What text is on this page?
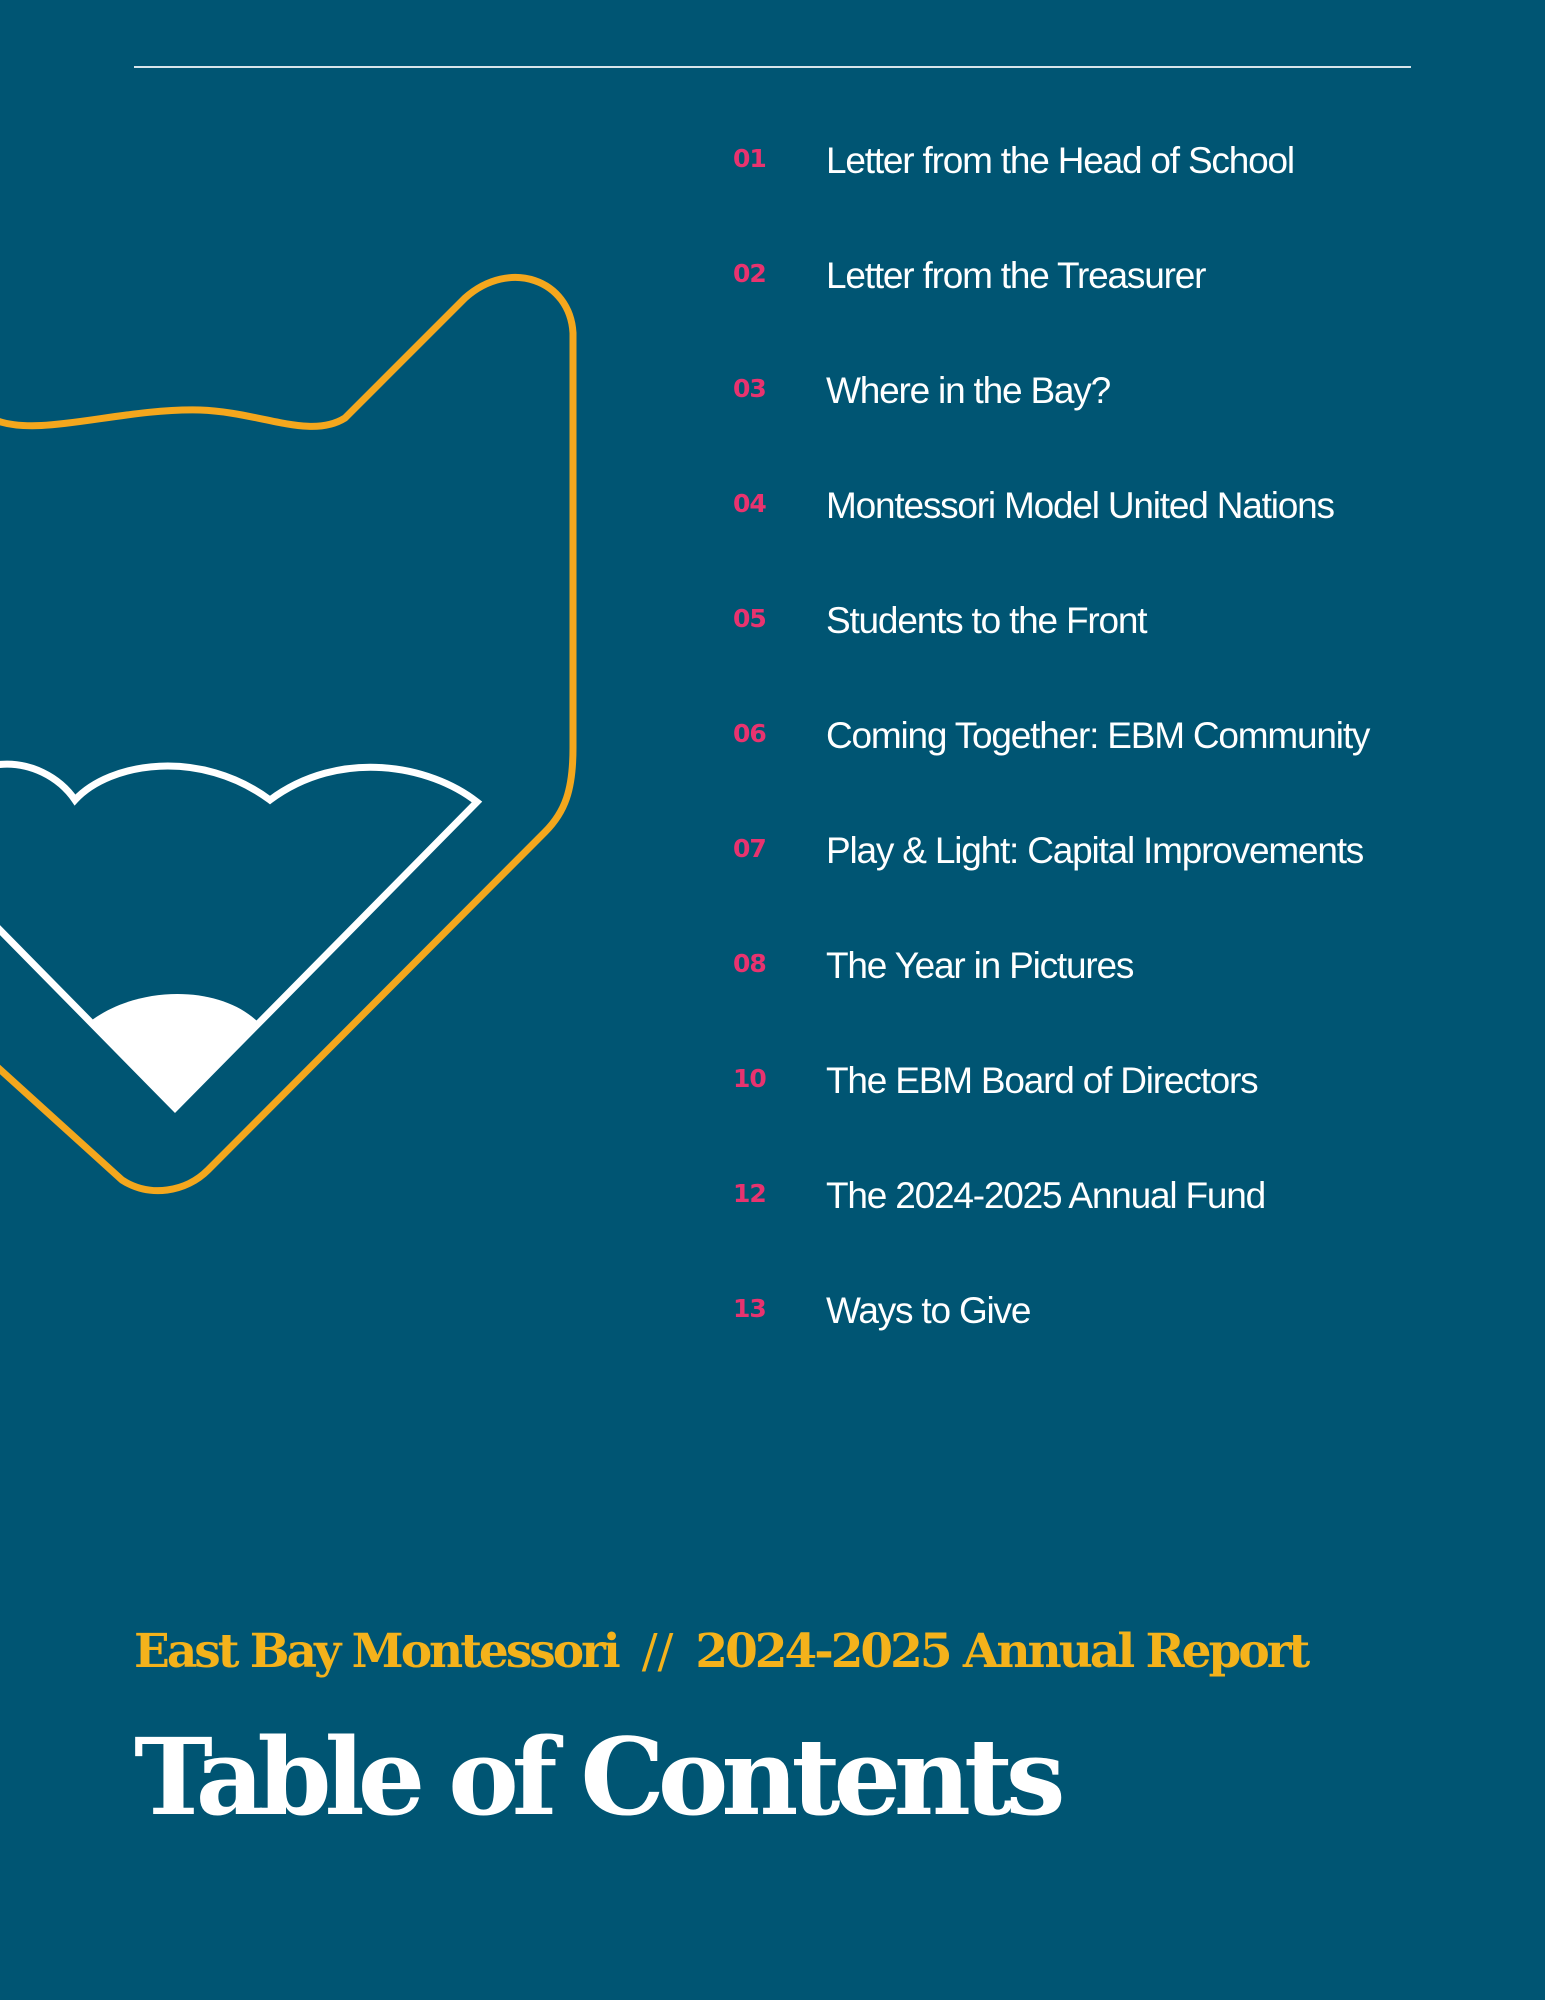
01 Letter from the Head of School
02 Letter from the Treasurer
03 Where in the Bay?
04 Montessori Model United Nations
05 Students to the Front
06 Coming Together: EBM Community
07 Play & Light: Capital Improvements
08 The Year in Pictures
10 The EBM Board of Directors
12 The 2024-2025 Annual Fund
13 Ways to Give
East Bay Montessori // 2024-2025 Annual Report
Table of Contents
